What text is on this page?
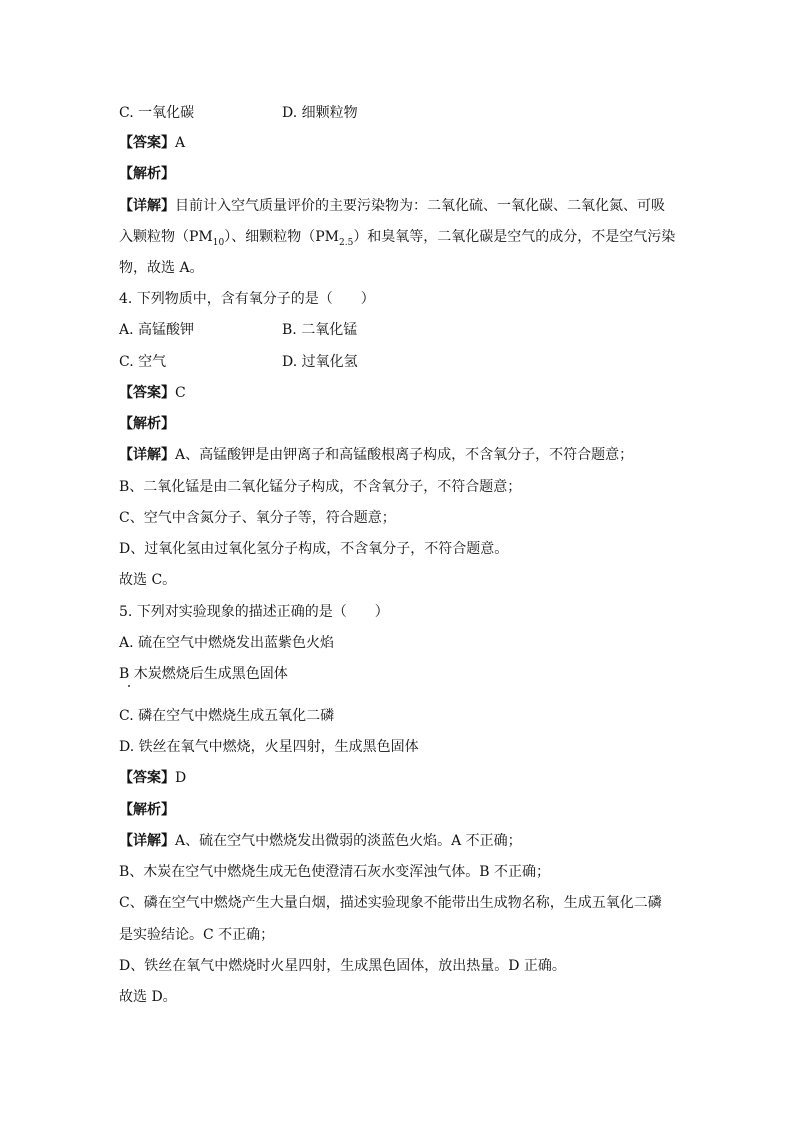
C. 一氧化碳	D. 细颗粒物
【答案】A
【解析】
【详解】目前计入空气质量评价的主要污染物为：二氧化硫、一氧化碳、二氧化氮、可吸
入颗粒物$(PM_{10})$、细颗粒物$(PM_{2.5})$和臭氧等，二氧化碳是空气的成分，不是空气污染
物，故选 A。
4. 下列物质中，含有氧分子的是（　　）
A. 高锰酸钾	B. 二氧化锰
C. 空气	D. 过氧化氢
【答案】C
【解析】
【详解】A、高锰酸钾是由钾离子和高锰酸根离子构成，不含氧分子，不符合题意；
B、二氧化锰是由二氧化锰分子构成，不含氧分子，不符合题意；
C、空气中含氮分子、氧分子等，符合题意；
D、过氧化氢由过氧化氢分子构成，不含氧分子，不符合题意。
故选 C。
5. 下列对实验现象的描述正确的是（　　）
A. 硫在空气中燃烧发出蓝紫色火焰
B 木炭燃烧后生成黑色固体
C. 磷在空气中燃烧生成五氧化二磷
D. 铁丝在氧气中燃烧，火星四射，生成黑色固体
【答案】D
【解析】
【详解】A、硫在空气中燃烧发出微弱的淡蓝色火焰。A 不正确；
B、木炭在空气中燃烧生成无色使澄清石灰水变浑浊气体。B 不正确；
C、磷在空气中燃烧产生大量白烟，描述实验现象不能带出生成物名称，生成五氧化二磷
是实验结论。C 不正确；
D、铁丝在氧气中燃烧时火星四射，生成黑色固体，放出热量。D 正确。
故选 D。
